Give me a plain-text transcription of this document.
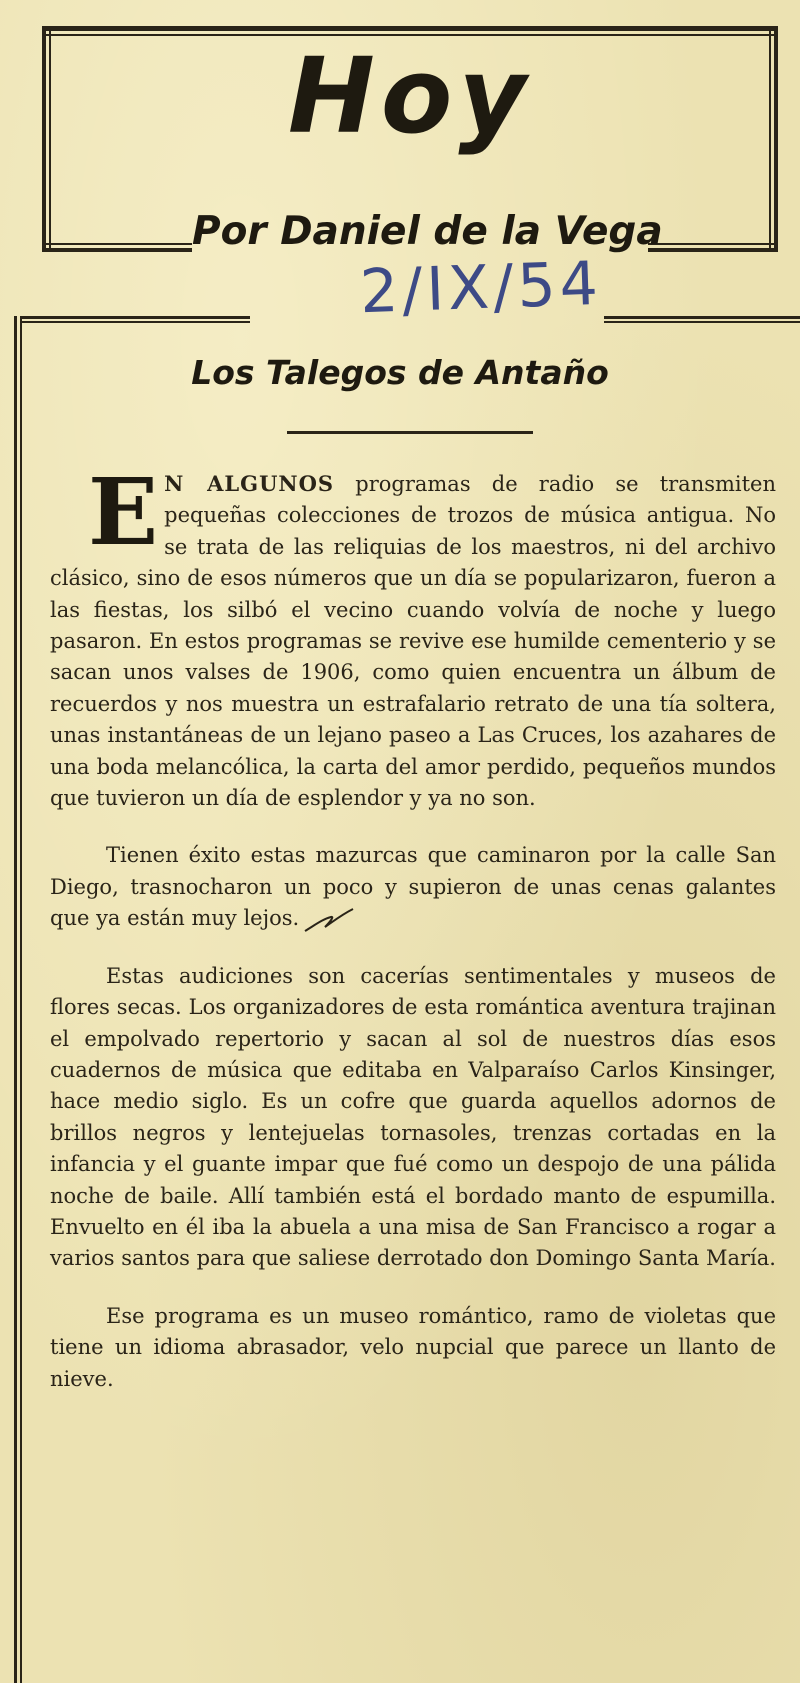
Hoy
Por Daniel de la Vega
2/IX/54
Los Talegos de Antaño

E N ALGUNOS programas de radio se transmiten pequeñas colecciones de trozos de música antigua. No se trata de las reliquias de los maestros, ni del archivo clásico, sino de esos números que un día se popularizaron, fueron a las fiestas, los silbó el vecino cuando volvía de noche y luego pasaron. En estos programas se revive ese humilde cementerio y se sacan unos valses de 1906, como quien encuentra un álbum de recuerdos y nos muestra un estrafalario retrato de una tía soltera, unas instantáneas de un lejano paseo a Las Cruces, los azahares de una boda melancólica, la carta del amor perdido, pequeños mundos que tuvieron un día de esplendor y ya no son.

Tienen éxito estas mazurcas que caminaron por la calle San Diego, trasnocharon un poco y supieron de unas cenas galantes que ya están muy lejos.

Estas audiciones son cacerías sentimentales y museos de flores secas. Los organizadores de esta romántica aventura trajinan el empolvado repertorio y sacan al sol de nuestros días esos cuadernos de música que editaba en Valparaíso Carlos Kinsinger, hace medio siglo. Es un cofre que guarda aquellos adornos de brillos negros y lentejuelas tornasoles, trenzas cortadas en la infancia y el guante impar que fué como un despojo de una pálida noche de baile. Allí también está el bordado manto de espumilla. Envuelto en él iba la abuela a una misa de San Francisco a rogar a varios santos para que saliese derrotado don Domingo Santa María.

Ese programa es un museo romántico, ramo de violetas que tiene un idioma abrasador, velo nupcial que parece un llanto de nieve.
